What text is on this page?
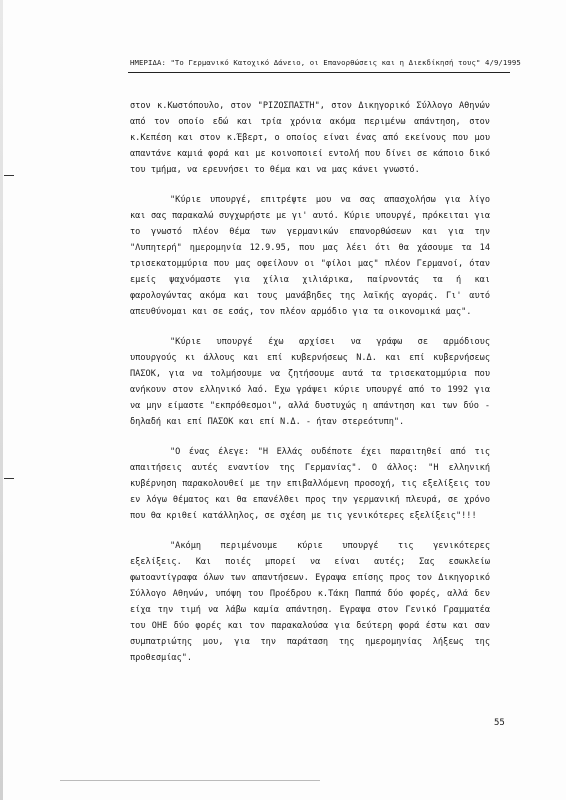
ΗΜΕΡΙΔΑ: "Το Γερμανικό Κατοχικό Δάνειο, οι Επανορθώσεις και η Διεκδίκησή τους" 4/9/1995
στον κ.Κωστόπουλο, στον "ΡΙΖΟΣΠΑΣΤΗ", στον Δικηγορικό Σύλλογο Αθηνών
από τον οποίο εδώ και τρία χρόνια ακόμα περιμένω απάντηση, στον
κ.Κεπέση και στον κ.Έβερτ, ο οποίος είναι ένας από εκείνους που μου
απαντάνε καμιά φορά και με κοινοποιεί εντολή που δίνει σε κάποιο δικό
του τμήμα, να ερευνήσει το θέμα και να μας κάνει γνωστό.
"Κύριε υπουργέ, επιτρέψτε μου να σας απασχολήσω για λίγο
και σας παρακαλώ συγχωρήστε με γι' αυτό. Κύριε υπουργέ, πρόκειται για
το γνωστό πλέον θέμα των γερμανικών επανορθώσεων και για την
"Λυπητερή" ημερομηνία 12.9.95, που μας λέει ότι θα χάσουμε τα 14
τρισεκατομμύρια που μας οφείλουν οι "φίλοι μας" πλέον Γερμανοί, όταν
εμείς ψαχνόμαστε για χίλια χιλιάρικα, παίρνοντάς τα ή και
φαρολογώντας ακόμα και τους μανάβηδες της λαϊκής αγοράς. Γι' αυτό
απευθύνομαι και σε εσάς, τον πλέον αρμόδιο για τα οικονομικά μας".
"Κύριε υπουργέ έχω αρχίσει να γράφω σε αρμόδιους
υπουργούς κι άλλους και επί κυβερνήσεως Ν.Δ. και επί κυβερνήσεως
ΠΑΣΟΚ, για να τολμήσουμε να ζητήσουμε αυτά τα τρισεκατομμύρια που
ανήκουν στον ελληνικό λαό. Εχω γράψει κύριε υπουργέ από το 1992 για
να μην είμαστε "εκπρόθεσμοι", αλλά δυστυχώς η απάντηση και των δύο -
δηλαδή και επί ΠΑΣΟΚ και επί Ν.Δ. - ήταν στερεότυπη".
"Ο ένας έλεγε: "Η Ελλάς ουδέποτε έχει παραιτηθεί από τις
απαιτήσεις αυτές εναντίον της Γερμανίας". Ο άλλος: "Η ελληνική
κυβέρνηση παρακολουθεί με την επιβαλλόμενη προσοχή, τις εξελίξεις του
εν λόγω θέματος και θα επανέλθει προς την γερμανική πλευρά, σε χρόνο
που θα κριθεί κατάλληλος, σε σχέση με τις γενικότερες εξελίξεις"!!!
"Ακόμη περιμένουμε κύριε υπουργέ τις γενικότερες
εξελίξεις. Και ποιές μπορεί να είναι αυτές; Σας εσωκλείω
φωτοαντίγραφα όλων των απαντήσεων. Εγραψα επίσης προς τον Δικηγορικό
Σύλλογο Αθηνών, υπόψη του Προέδρου κ.Τάκη Παππά δύο φορές, αλλά δεν
είχα την τιμή να λάβω καμία απάντηση. Εγραψα στον Γενικό Γραμματέα
του ΟΗΕ δύο φορές και τον παρακαλούσα για δεύτερη φορά έστω και σαν
συμπατριώτης μου, για την παράταση της ημερομηνίας λήξεως της
προθεσμίας".
55
